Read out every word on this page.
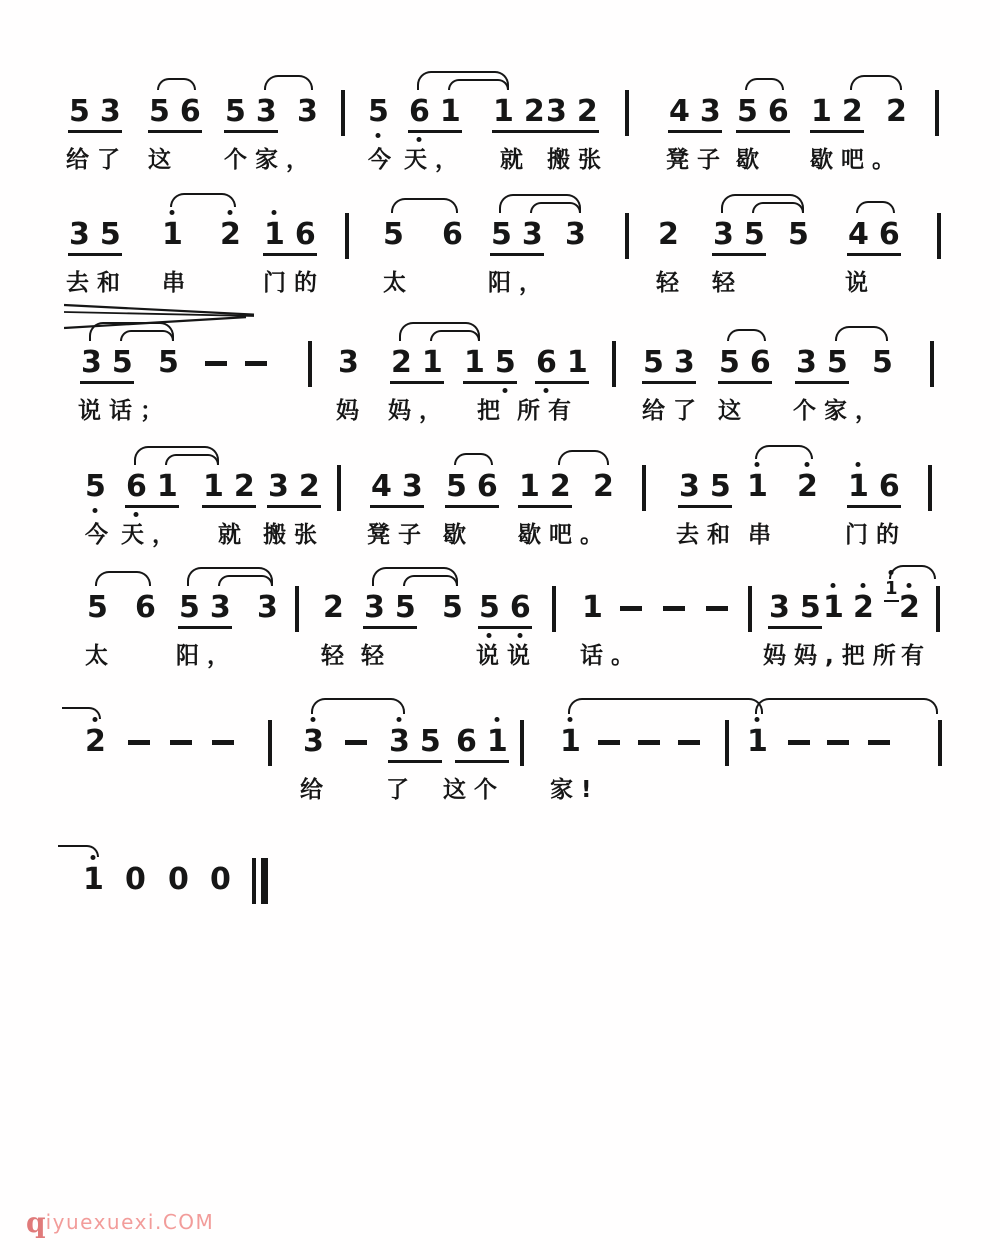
5 3 5 6 5 3 3 5 6 1 1 2 3 2 4 3 5 6 1 2 2
给了 这 个家， 今 天， 就 搬张 凳子 歇 歇吧。
3 5 1 2 1 6 5 6 5 3 3 2 3 5 5 4 6
去和 串	门的	太	阳，	轻 轻	说
3 5 5	3 2 1 1 5 6 1 5 3 5 6 3 5 5
说话；	妈 妈， 把 所有	给了 这 个家，
5 6 1 1 2 3 2 4 3 5 6 1 2 2 3 5 1 2 1 6
今 天， 就 搬张 凳子 歇 歇吧。	去和 串	门的
5 6 5 3 3 2 3 5 5 5 6 1	3 5 1 2
1
2
太	阳，	轻 轻	说说 话。	妈妈,把所
有
2	3 3 5 6 1 1	1
给 了 这个 家!
1 0 0 0
qiyuexuexi.COM
